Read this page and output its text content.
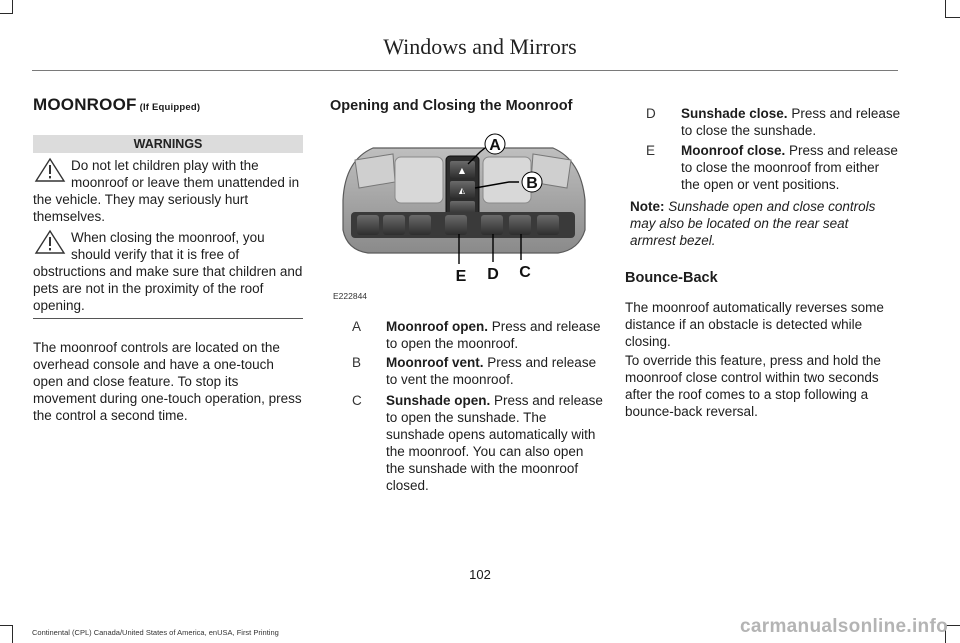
Windows and Mirrors
MOONROOF (If Equipped)
WARNINGS
Do not let children play with the
moonroof or leave them unattended in
the vehicle. They may seriously hurt
themselves.
When closing the moonroof, you
should verify that it is free of
obstructions and make sure that children and
pets are not in the proximity of the roof
opening.
The moonroof controls are located on the
overhead console and have a one-touch
open and close feature. To stop its
movement during one-touch operation, press
the control a second time.
Opening and Closing the Moonroof
▲
◭
A
B
C
D
E
E222844
A Moonroof open. Press and release
to open the moonroof.
B Moonroof vent. Press and release
to vent the moonroof.
C Sunshade open. Press and release
to open the sunshade. The
sunshade opens automatically with
the moonroof. You can also open
the sunshade with the moonroof
closed.
D Sunshade close. Press and release
to close the sunshade.
E Moonroof close. Press and release
to close the moonroof from either
the open or vent positions.
Note: Sunshade open and close controls
may also be located on the rear seat
armrest bezel.
Bounce-Back
The moonroof automatically reverses some
distance if an obstacle is detected while
closing.
To override this feature, press and hold the
moonroof close control within two seconds
after the roof comes to a stop following a
bounce-back reversal.
102
Continental (CPL) Canada/United States of America, enUSA, First Printing	carmanualsonline.info
